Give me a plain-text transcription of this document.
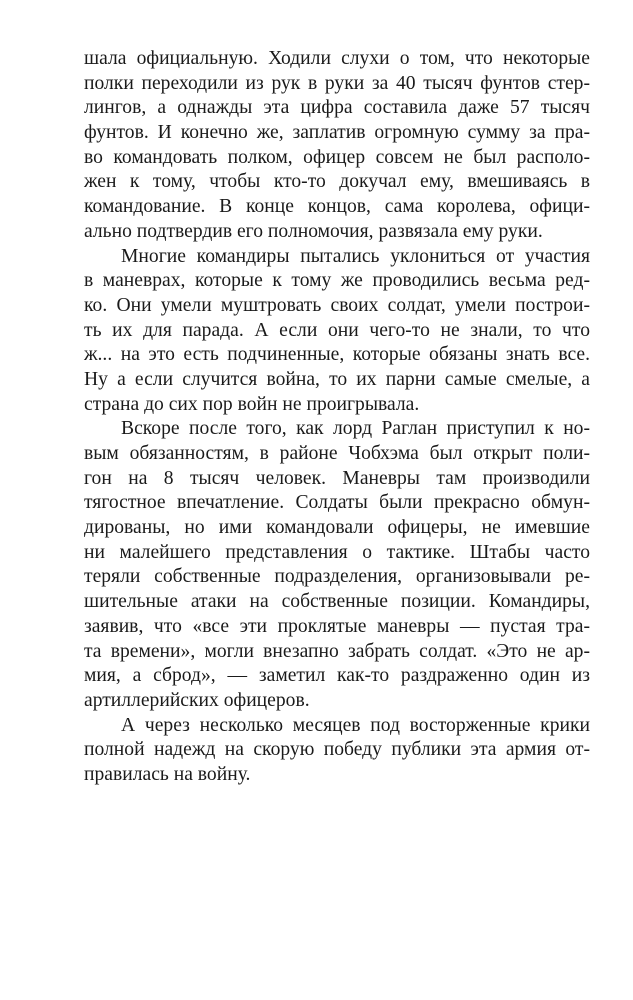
шала официальную. Ходили слухи о том, что некоторые
полки переходили из рук в руки за 40 тысяч фунтов стер-
лингов, а однажды эта цифра составила даже 57 тысяч
фунтов. И конечно же, заплатив огромную сумму за пра-
во командовать полком, офицер совсем не был располо-
жен к тому, чтобы кто-то докучал ему, вмешиваясь в
командование. В конце концов, сама королева, офици-
ально подтвердив его полномочия, развязала ему руки.
Многие командиры пытались уклониться от участия
в маневрах, которые к тому же проводились весьма ред-
ко. Они умели муштровать своих солдат, умели построи-
ть их для парада. А если они чего-то не знали, то что
ж... на это есть подчиненные, которые обязаны знать все.
Ну а если случится война, то их парни самые смелые, а
страна до сих пор войн не проигрывала.
Вскоре после того, как лорд Раглан приступил к но-
вым обязанностям, в районе Чобхэма был открыт поли-
гон на 8 тысяч человек. Маневры там производили
тягостное впечатление. Солдаты были прекрасно обмун-
дированы, но ими командовали офицеры, не имевшие
ни малейшего представления о тактике. Штабы часто
теряли собственные подразделения, организовывали ре-
шительные атаки на собственные позиции. Командиры,
заявив, что «все эти проклятые маневры — пустая тра-
та времени», могли внезапно забрать солдат. «Это не ар-
мия, а сброд», — заметил как-то раздраженно один из
артиллерийских офицеров.
А через несколько месяцев под восторженные крики
полной надежд на скорую победу публики эта армия от-
правилась на войну.
